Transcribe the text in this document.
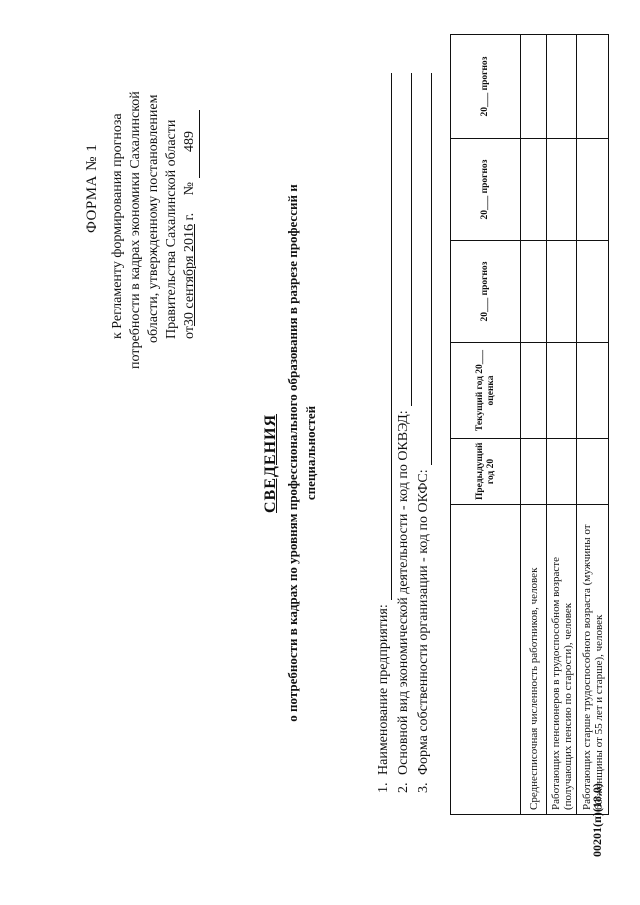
ФОРМА № 1 к Регламенту формирования прогноза потребности в кадрах экономики Сахалинской области, утвержденному постановлением Правительства Сахалинской области от30 сентября 2016 г.     № 489
СВЕДЕНИЯ о потребности в кадрах по уровням профессионального образования в разрезе профессий и специальностей
1.
Наименование предприятия:
2.
Основной вид экономической деятельности - код по ОКВЭД:
3.
Форма собственности организации - код по ОКФС:
		Предыдущий год 20	Текущий год 20___ оценка	20___ прогноз	20___ прогноз	20___ прогноз
Среднесписочная численность работников, человек					
Работающих пенсионеров в трудоспособном возрасте (получающих пенсию по старости), человек					
Работающих старше трудоспособного возраста (мужчины от 60/женщины от 55 лет и старше), человек					
00201(п)(18.0)
